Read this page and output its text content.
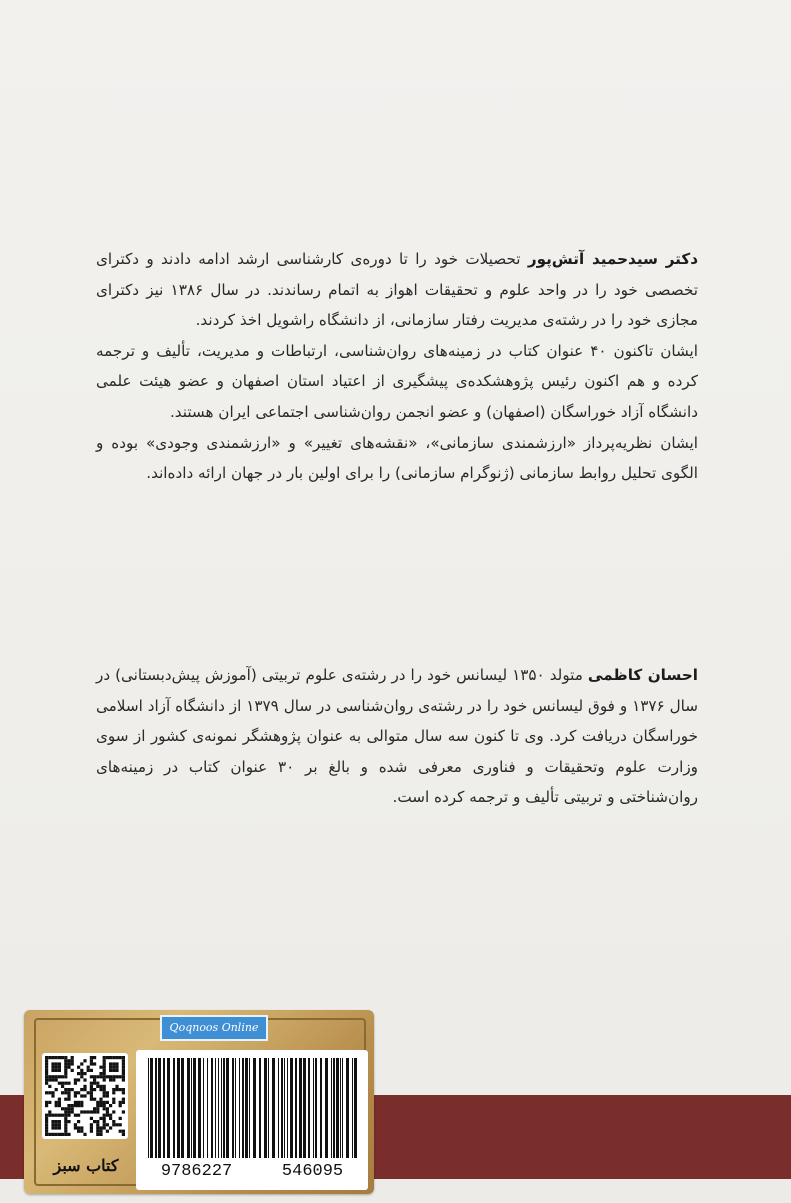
دکتر سیدحمید آتش‌پور تحصیلات خود را تا دوره‌ی کارشناسی ارشد ادامه دادند و دکترای تخصصی خود را در واحد علوم و تحقیقات اهواز به اتمام رساندند. در سال ۱۳۸۶ نیز دکترای مجازی خود را در رشته‌ی مدیریت رفتار سازمانی، از دانشگاه راشویل اخذ کردند.

ایشان تاکنون ۴۰ عنوان کتاب در زمینه‌های روان‌شناسی، ارتباطات و مدیریت، تألیف و ترجمه کرده و هم اکنون رئیس پژوهشکده‌ی پیشگیری از اعتیاد استان اصفهان و عضو هیئت علمی دانشگاه آزاد خوراسگان (اصفهان) و عضو انجمن روان‌شناسی اجتماعی ایران هستند.

ایشان نظریه‌پرداز «ارزشمندی سازمانی»، «نقشه‌های تغییر» و «ارزشمندی وجودی» بوده و الگوی تحلیل روابط سازمانی (ژنوگرام سازمانی) را برای اولین بار در جهان ارائه داده‌اند.

احسان کاظمی متولد ۱۳۵۰ لیسانس خود را در رشته‌ی علوم تربیتی (آموزش پیش‌دبستانی) در سال ۱۳۷۶ و فوق لیسانس خود را در رشته‌ی روان‌شناسی در سال ۱۳۷۹ از دانشگاه آزاد اسلامی خوراسگان دریافت کرد. وی تا کنون سه سال متوالی به عنوان پژوهشگر نمونه‌ی کشور از سوی وزارت علوم وتحقیقات و فناوری معرفی شده و بالغ بر ۳۰ عنوان کتاب در زمینه‌های روان‌شناختی و تربیتی تألیف و ترجمه کرده است.

Qoqnoos Online
کتاب سبز	9786227	546095
